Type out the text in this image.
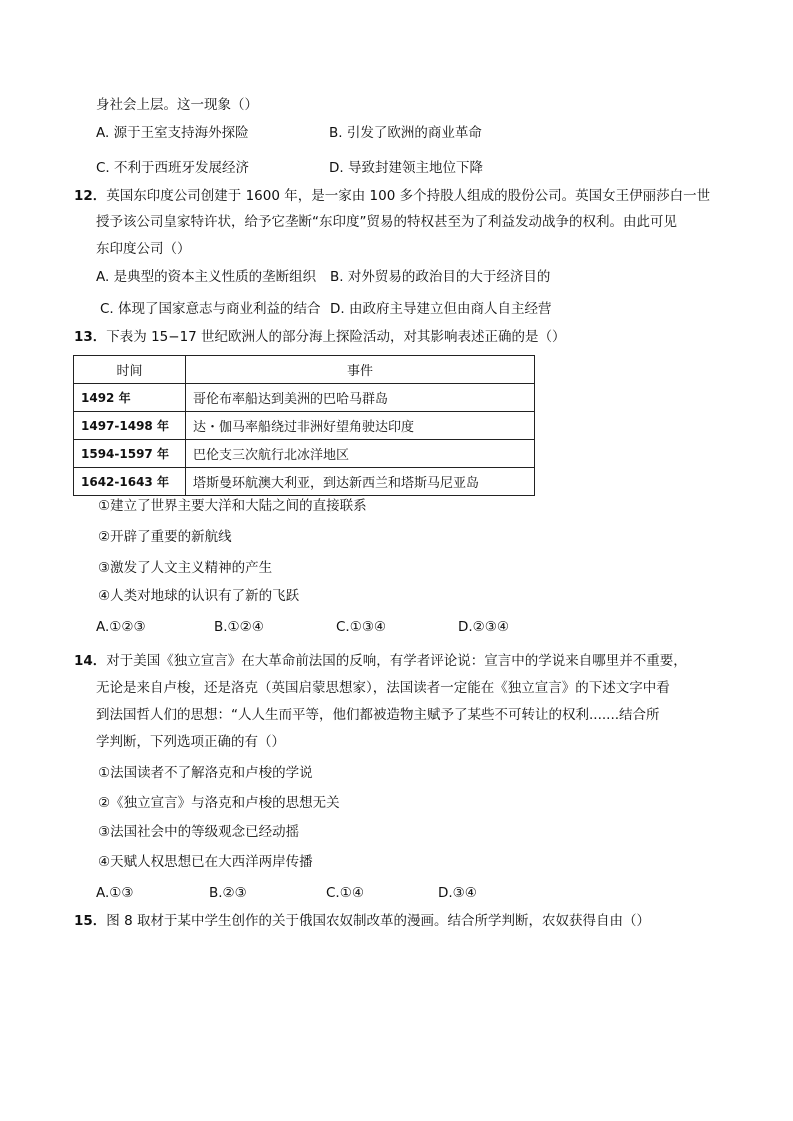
身社会上层。这一现象（）
A. 源于王室支持海外探险	B. 引发了欧洲的商业革命
C. 不利于西班牙发展经济	D. 导致封建领主地位下降
12．英国东印度公司创建于 1600 年，是一家由 100 多个持股人组成的股份公司。英国女王伊丽莎白一世
授予该公司皇家特许状，给予它垄断“东印度”贸易的特权甚至为了利益发动战争的权利。由此可见
东印度公司（）
A. 是典型的资本主义性质的垄断组织 B. 对外贸易的政治目的大于经济目的
C. 体现了国家意志与商业利益的结合 D. 由政府主导建立但由商人自主经营
13．下表为 15−17 世纪欧洲人的部分海上探险活动，对其影响表述正确的是（）
时间	事件
1492 年	哥伦布率船达到美洲的巴哈马群岛
1497-1498 年	达・伽马率船绕过非洲好望角驶达印度
1594-1597 年	巴伦支三次航行北冰洋地区
1642-1643 年	塔斯曼环航澳大利亚，到达新西兰和塔斯马尼亚岛
①建立了世界主要大洋和大陆之间的直接联系
②开辟了重要的新航线
③激发了人文主义精神的产生
④人类对地球的认识有了新的飞跃
A.①②③	B.①②④	C.①③④	D.②③④
14．对于美国《独立宣言》在大革命前法国的反响，有学者评论说：宣言中的学说来自哪里并不重要，
无论是来自卢梭，还是洛克（英国启蒙思想家），法国读者一定能在《独立宣言》的下述文字中看
到法国哲人们的思想：“人人生而平等，他们都被造物主赋予了某些不可转让的权利.......结合所
学判断，下列选项正确的有（）
①法国读者不了解洛克和卢梭的学说
②《独立宣言》与洛克和卢梭的思想无关
③法国社会中的等级观念已经动摇
④天赋人权思想已在大西洋两岸传播
A.①③	B.②③	C.①④	D.③④
15．图 8 取材于某中学生创作的关于俄国农奴制改革的漫画。结合所学判断，农奴获得自由（）
